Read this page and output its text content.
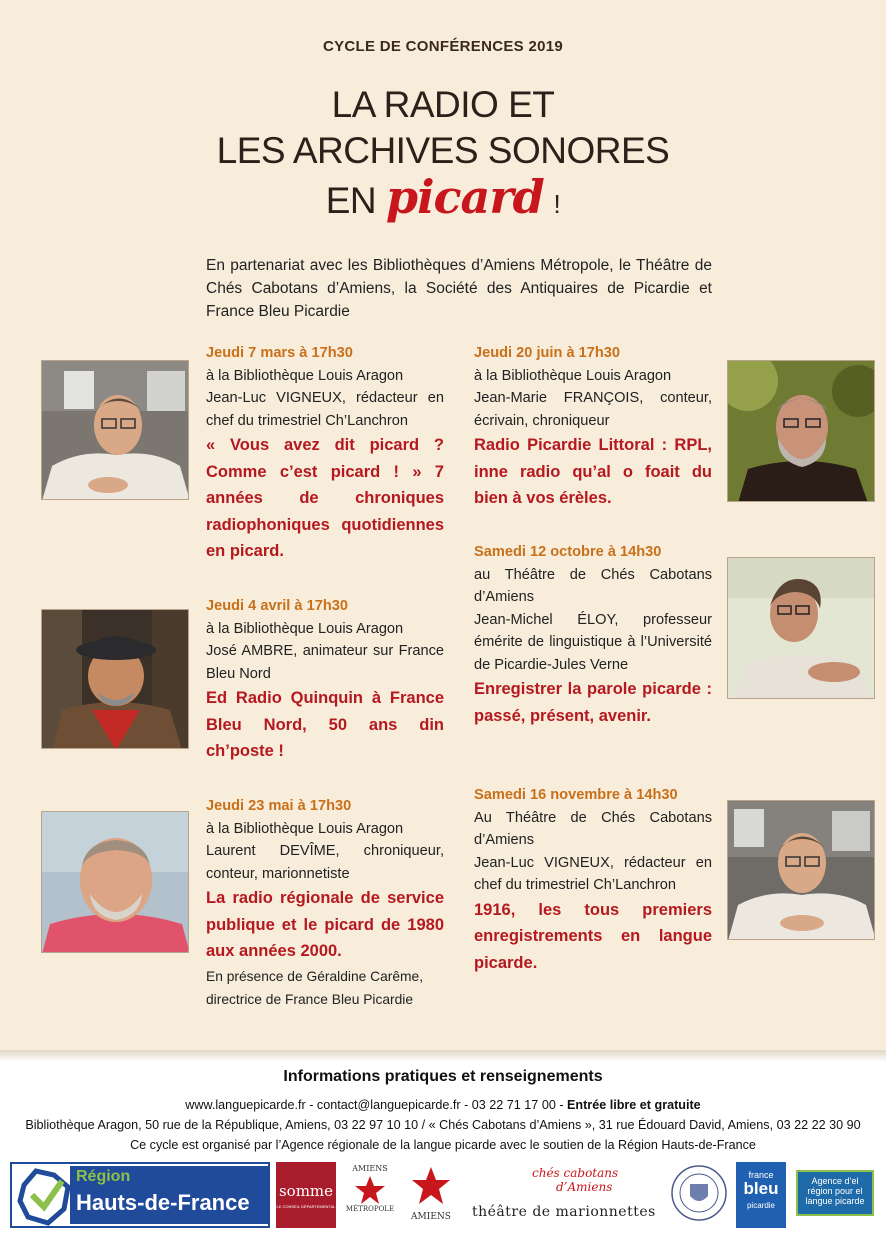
CYCLE DE CONFÉRENCES 2019
LA RADIO ET
LES ARCHIVES SONORES
EN picard !
En partenariat avec les Bibliothèques d’Amiens Métropole, le Théâtre de Chés Cabotans d’Amiens, la Société des Antiquaires de Picardie et France Bleu Picardie
Jeudi 7 mars à 17h30
à la Bibliothèque Louis Aragon
Jean-Luc VIGNEUX, rédacteur en chef du trimestriel Ch’Lanchron
« Vous avez dit picard ? Comme c’est picard ! » 7 années de chroniques radiophoniques quotidiennes en picard.
Jeudi 4 avril à 17h30
à la Bibliothèque Louis Aragon
José AMBRE, animateur sur France Bleu Nord
Ed Radio Quinquin à France Bleu Nord, 50 ans din ch’poste !
Jeudi 23 mai à 17h30
à la Bibliothèque Louis Aragon
Laurent DEVÎME, chroniqueur, conteur, marionnetiste
La radio régionale de service publique et le picard de 1980 aux années 2000.
En présence de Géraldine Carême, directrice de France Bleu Picardie
Jeudi 20 juin à 17h30
à la Bibliothèque Louis Aragon
Jean-Marie FRANÇOIS, conteur, écrivain, chroniqueur
Radio Picardie Littoral : RPL, inne radio qu’al o foait du bien à vos érèles.
Samedi 12 octobre à 14h30
au Théâtre de Chés Cabotans d’Amiens
Jean-Michel ÉLOY, professeur émérite de linguistique à l’Université de Picardie-Jules Verne
Enregistrer la parole picarde : passé, présent, avenir.
Samedi 16 novembre à 14h30
Au Théâtre de Chés Cabotans d’Amiens
Jean-Luc VIGNEUX, rédacteur en chef du trimestriel Ch’Lanchron
1916, les tous premiers enregistrements en langue picarde.
Informations pratiques et renseignements
www.languepicarde.fr - contact@languepicarde.fr - 03 22 71 17 00 - Entrée libre et gratuite
Bibliothèque Aragon, 50 rue de la République, Amiens, 03 22 97 10 10 / « Chés Cabotans d’Amiens », 31 rue Édouard David, Amiens, 03 22 22 30 90
Ce cycle est organisé par l’Agence régionale de la langue picarde avec le soutien de la Région Hauts-de-France
Région
Hauts-de-France somme
LE CONSEIL DÉPARTEMENTAL
AMIENS
MÉTROPOLE
AMIENS
chés cabotans
d’Amiens
théâtre de marionnettes
france
bleu
picardie
Agence d’el région pour el langue picarde
